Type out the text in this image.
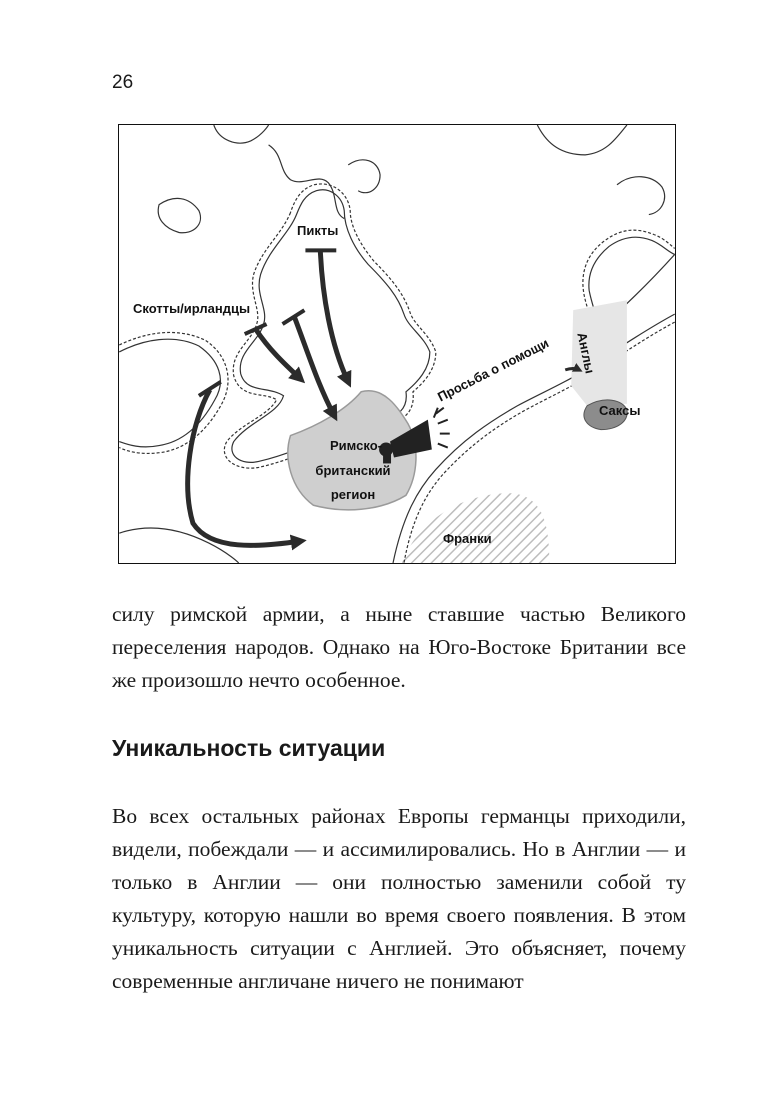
26
Пикты
Скотты/ирландцы
Римско-
британский
регион
Просьба о помощи Англы
Саксы
Франки

силу римской армии, а ныне ставшие частью Великого переселения народов. Однако на Юго-Востоке Британии все же произошло нечто особенное.

Уникальность ситуации

Во всех остальных районах Европы германцы приходили, видели, побеждали — и ассимилировались. Но в Англии — и только в Англии — они полностью заменили собой ту культуру, которую нашли во время своего появления. В этом уникальность ситуации с Англией. Это объясняет, почему современные англичане ничего не понимают
